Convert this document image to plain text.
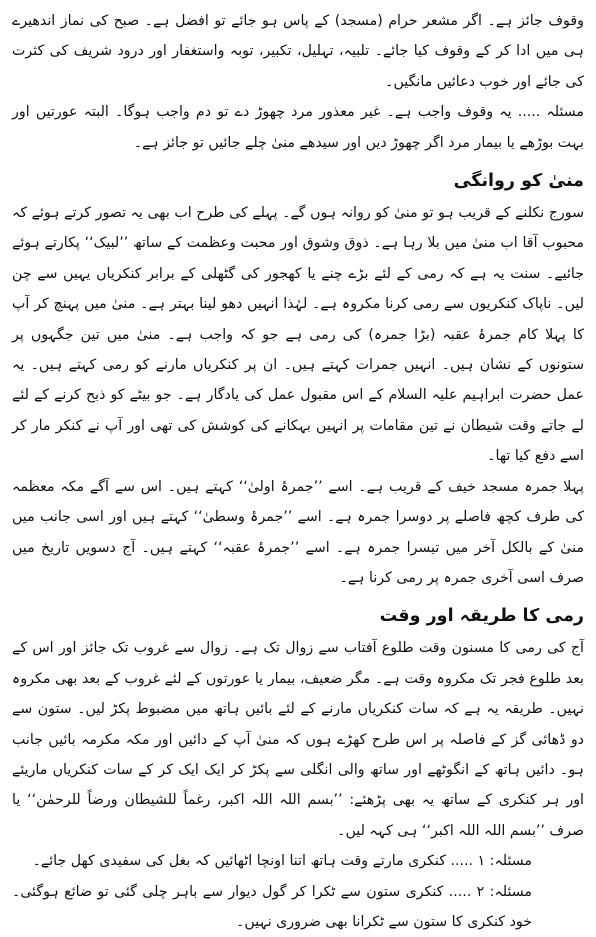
وقوف جائز ہے۔ اگر مشعر حرام (مسجد) کے پاس ہو جائے تو افضل ہے۔ صبح کی نماز اندھیرے ہی میں ادا کر کے وقوف کیا جائے۔ تلبیہ، تہلیل، تکبیر، توبہ واستغفار اور درود شریف کی کثرت کی جائے اور خوب دعائیں مانگیں۔

مسئلہ ..... یہ وقوف واجب ہے۔ غیر معذور مرد چھوڑ دے تو دم واجب ہوگا۔ البتہ عورتیں اور بہت بوڑھے یا بیمار مرد اگر چھوڑ دیں اور سیدھے منیٰ چلے جائیں تو جائز ہے۔

منیٰ کو روانگی

سورج نکلنے کے قریب ہو تو منیٰ کو روانہ ہوں گے۔ پہلے کی طرح اب بھی یہ تصور کرتے ہوئے کہ محبوب آقا اب منیٰ میں بلا رہا ہے۔ ذوق وشوق اور محبت وعظمت کے ساتھ ’’لبیک‘‘ پکارتے ہوئے جائیے۔ سنت یہ ہے کہ رمی کے لئے بڑے چنے یا کھجور کی گٹھلی کے برابر کنکریاں یہیں سے چن لیں۔ ناپاک کنکریوں سے رمی کرنا مکروہ ہے۔ لہٰذا انہیں دھو لینا بہتر ہے۔ منیٰ میں پہنچ کر آپ کا پہلا کام جمرۂ عقبہ (بڑا جمرہ) کی رمی ہے جو کہ واجب ہے۔ منیٰ میں تین جگہوں پر ستونوں کے نشان ہیں۔ انہیں جمرات کہتے ہیں۔ ان پر کنکریاں مارنے کو رمی کہتے ہیں۔ یہ عمل حضرت ابراہیم علیہ السلام کے اس مقبول عمل کی یادگار ہے۔ جو بیٹے کو ذبح کرنے کے لئے لے جاتے وقت شیطان نے تین مقامات پر انہیں بہکانے کی کوشش کی تھی اور آپ نے کنکر مار کر اسے دفع کیا تھا۔

پہلا جمرہ مسجد خیف کے قریب ہے۔ اسے ’’جمرۂ اولیٰ‘‘ کہتے ہیں۔ اس سے آگے مکہ معظمہ کی طرف کچھ فاصلے پر دوسرا جمرہ ہے۔ اسے ’’جمرۂ وسطیٰ‘‘ کہتے ہیں اور اسی جانب میں منیٰ کے بالکل آخر میں تیسرا جمرہ ہے۔ اسے ’’جمرۂ عقبہ‘‘ کہتے ہیں۔ آج دسویں تاریخ میں صرف اسی آخری جمرہ پر رمی کرنا ہے۔

رمی کا طریقہ اور وقت

آج کی رمی کا مسنون وقت طلوع آفتاب سے زوال تک ہے۔ زوال سے غروب تک جائز اور اس کے بعد طلوع فجر تک مکروہ وقت ہے۔ مگر ضعیف، بیمار یا عورتوں کے لئے غروب کے بعد بھی مکروہ نہیں۔ طریقہ یہ ہے کہ سات کنکریاں مارنے کے لئے بائیں ہاتھ میں مضبوط پکڑ لیں۔ ستون سے دو ڈھائی گز کے فاصلہ پر اس طرح کھڑے ہوں کہ منیٰ آپ کے دائیں اور مکہ مکرمہ بائیں جانب ہو۔ دائیں ہاتھ کے انگوٹھے اور ساتھ والی انگلی سے پکڑ کر ایک ایک کر کے سات کنکریاں ماریئے اور ہر کنکری کے ساتھ یہ بھی پڑھئے: ’’بسم اللہ اللہ اکبر، رغماً للشیطان ورضاً للرحمٰن‘‘ یا صرف ’’بسم اللہ اللہ اکبر‘‘ ہی کہہ لیں۔

مسئلہ: ۱ ..... کنکری مارتے وقت ہاتھ اتنا اونچا اٹھائیں کہ بغل کی سفیدی کھل جائے۔

مسئلہ: ۲ ..... کنکری ستون سے ٹکرا کر گول دیوار سے باہر چلی گئی تو ضائع ہوگئی۔ خود کنکری کا ستون سے ٹکرانا بھی ضروری نہیں۔
